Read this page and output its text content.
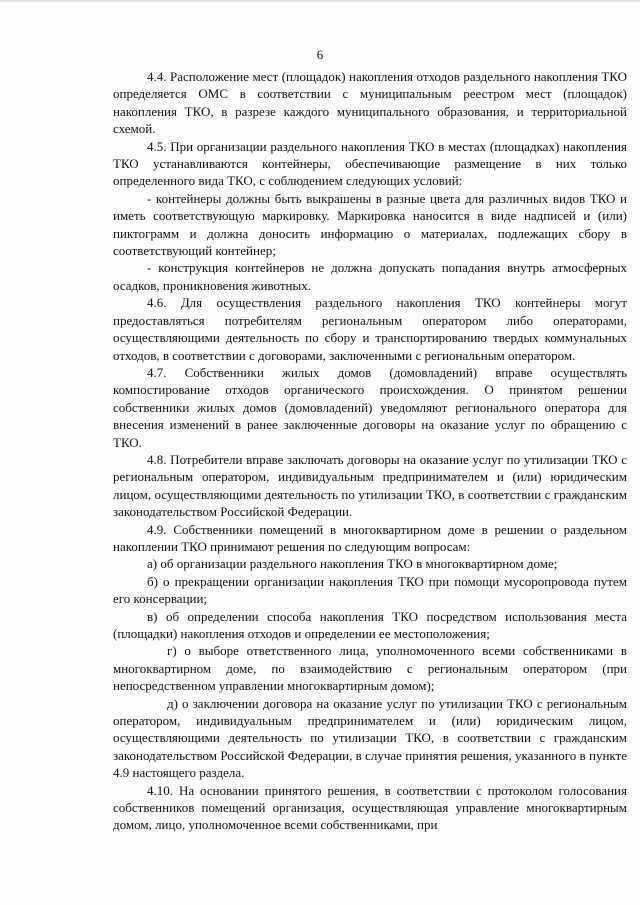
6

4.4. Расположение мест (площадок) накопления отходов раздельного накопления ТКО определяется ОМС в соответствии с муниципальным реестром мест (площадок) накопления ТКО, в разрезе каждого муниципального образования, и территориальной схемой.

4.5. При организации раздельного накопления ТКО в местах (площадках) накопления ТКО устанавливаются контейнеры, обеспечивающие размещение в них только определенного вида ТКО, с соблюдением следующих условий:

- контейнеры должны быть выкрашены в разные цвета для различных видов ТКО и иметь соответствующую маркировку. Маркировка наносится в виде надписей и (или) пиктограмм и должна доносить информацию о материалах, подлежащих сбору в соответствующий контейнер;

- конструкция контейнеров не должна допускать попадания внутрь атмосферных осадков, проникновения животных.

4.6. Для осуществления раздельного накопления ТКО контейнеры могут предоставляться потребителям региональным оператором либо операторами, осуществляющими деятельность по сбору и транспортированию твердых коммунальных отходов, в соответствии с договорами, заключенными с региональным оператором.

4.7. Собственники жилых домов (домовладений) вправе осуществлять компостирование отходов органического происхождения. О принятом решении собственники жилых домов (домовладений) уведомляют регионального оператора для внесения изменений в ранее заключенные договоры на оказание услуг по обращению с ТКО.

4.8. Потребители вправе заключать договоры на оказание услуг по утилизации ТКО с региональным оператором, индивидуальным предпринимателем и (или) юридическим лицом, осуществляющими деятельность по утилизации ТКО, в соответствии с гражданским законодательством Российской Федерации.

4.9. Собственники помещений в многоквартирном доме в решении о раздельном накоплении ТКО принимают решения по следующим вопросам:

а) об организации раздельного накопления ТКО в многоквартирном доме;

б) о прекращении организации накопления ТКО при помощи мусоропровода путем его консервации;

в) об определении способа накопления ТКО посредством использования места (площадки) накопления отходов и определении ее местоположения;

г) о выборе ответственного лица, уполномоченного всеми собственниками в многоквартирном доме, по взаимодействию с региональным оператором (при непосредственном управлении многоквартирным домом);

д) о заключении договора на оказание услуг по утилизации ТКО с региональным оператором, индивидуальным предпринимателем и (или) юридическим лицом, осуществляющими деятельность по утилизации ТКО, в соответствии с гражданским законодательством Российской Федерации, в случае принятия решения, указанного в пункте 4.9 настоящего раздела.

4.10. На основании принятого решения, в соответствии с протоколом голосования собственников помещений организация, осуществляющая управление многоквартирным домом, лицо, уполномоченное всеми собственниками, при
